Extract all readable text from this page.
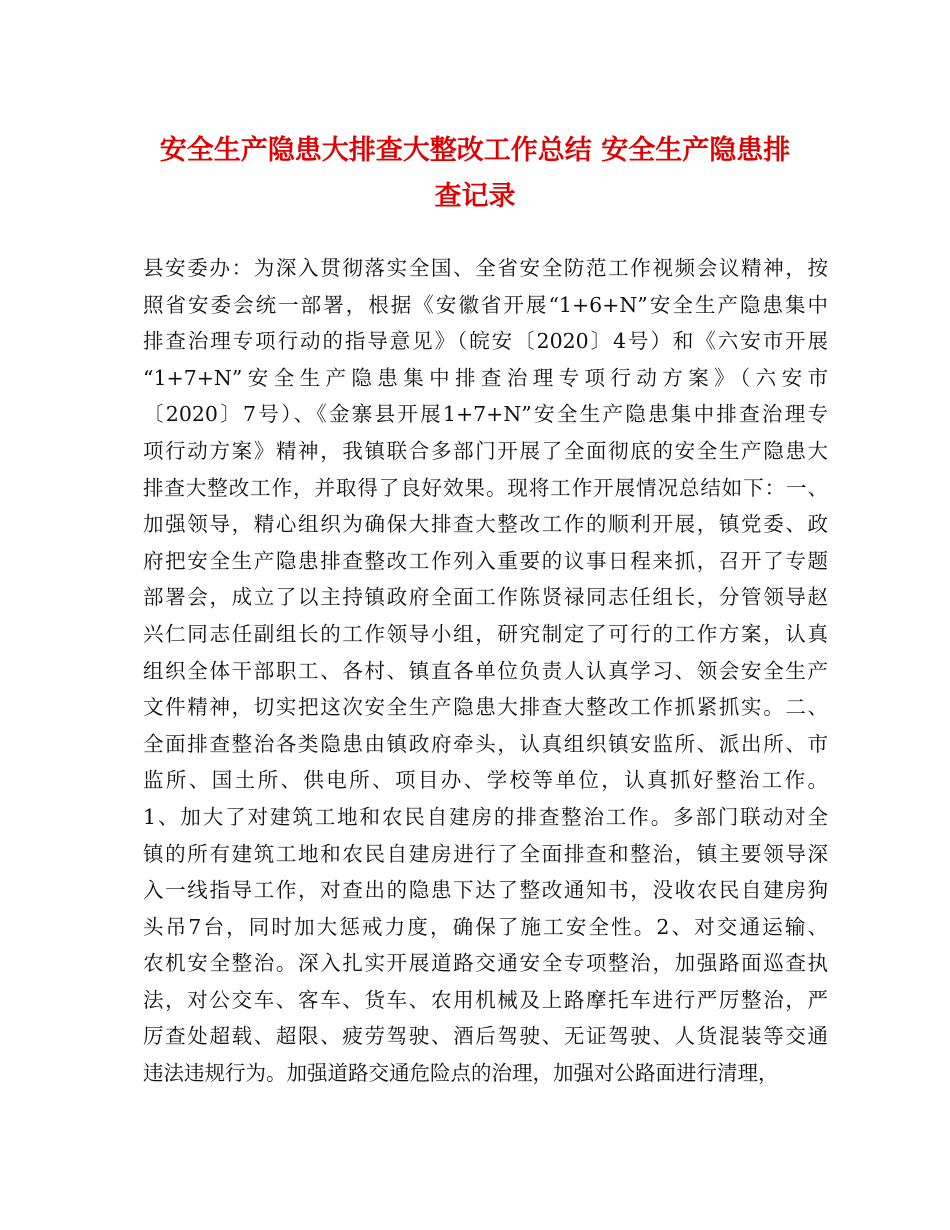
安全生产隐患大排查大整改工作总结 安全生产隐患排
查记录
县安委办：为深入贯彻落实全国、全省安全防范工作视频会议精神，按
照省安委会统一部署，根据《安徽省开展“1+6+N”安全生产隐患集中
排查治理专项行动的指导意见》（皖安〔2020〕4号）和《六安市开展
“1+7+N”安全生产隐患集中排查治理专项行动方案》（六安市
〔2020〕7号）、《金寨县开展1+7+N”安全生产隐患集中排查治理专
项行动方案》精神，我镇联合多部门开展了全面彻底的安全生产隐患大
排查大整改工作，并取得了良好效果。现将工作开展情况总结如下：一、
加强领导，精心组织为确保大排查大整改工作的顺利开展，镇党委、政
府把安全生产隐患排查整改工作列入重要的议事日程来抓，召开了专题
部署会，成立了以主持镇政府全面工作陈贤禄同志任组长，分管领导赵
兴仁同志任副组长的工作领导小组，研究制定了可行的工作方案，认真
组织全体干部职工、各村、镇直各单位负责人认真学习、领会安全生产
文件精神，切实把这次安全生产隐患大排查大整改工作抓紧抓实。二、
全面排查整治各类隐患由镇政府牵头，认真组织镇安监所、派出所、市
监所、国土所、供电所、项目办、学校等单位，认真抓好整治工作。
1、加大了对建筑工地和农民自建房的排查整治工作。多部门联动对全
镇的所有建筑工地和农民自建房进行了全面排查和整治，镇主要领导深
入一线指导工作，对查出的隐患下达了整改通知书，没收农民自建房狗
头吊7台，同时加大惩戒力度，确保了施工安全性。2、对交通运输、
农机安全整治。深入扎实开展道路交通安全专项整治，加强路面巡查执
法，对公交车、客车、货车、农用机械及上路摩托车进行严厉整治，严
厉查处超载、超限、疲劳驾驶、酒后驾驶、无证驾驶、人货混装等交通
违法违规行为。加强道路交通危险点的治理，加强对公路面进行清理，
